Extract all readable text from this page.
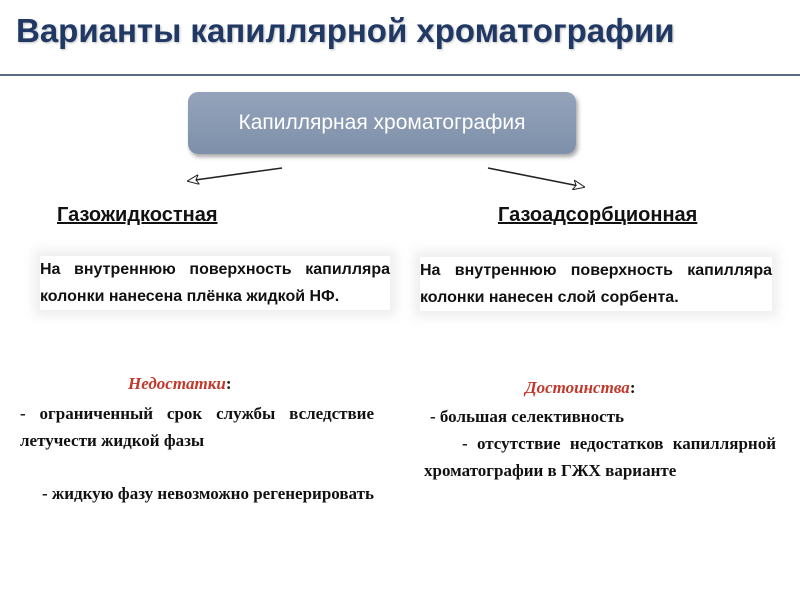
Варианты капиллярной хроматографии
Капиллярная хроматография
Газожидкостная
На внутреннюю поверхность капилляра колонки нанесена плёнка жидкой НФ.
Недостатки:

- ограниченный срок службы вследствие летучести жидкой фазы

- жидкую фазу невозможно регенерировать

Газоадсорбционная
На внутреннюю поверхность капилляра колонки нанесен слой сорбента.
Достоинства:

- большая селективность

- отсутствие недостатков капиллярной хроматографии в ГЖХ варианте
